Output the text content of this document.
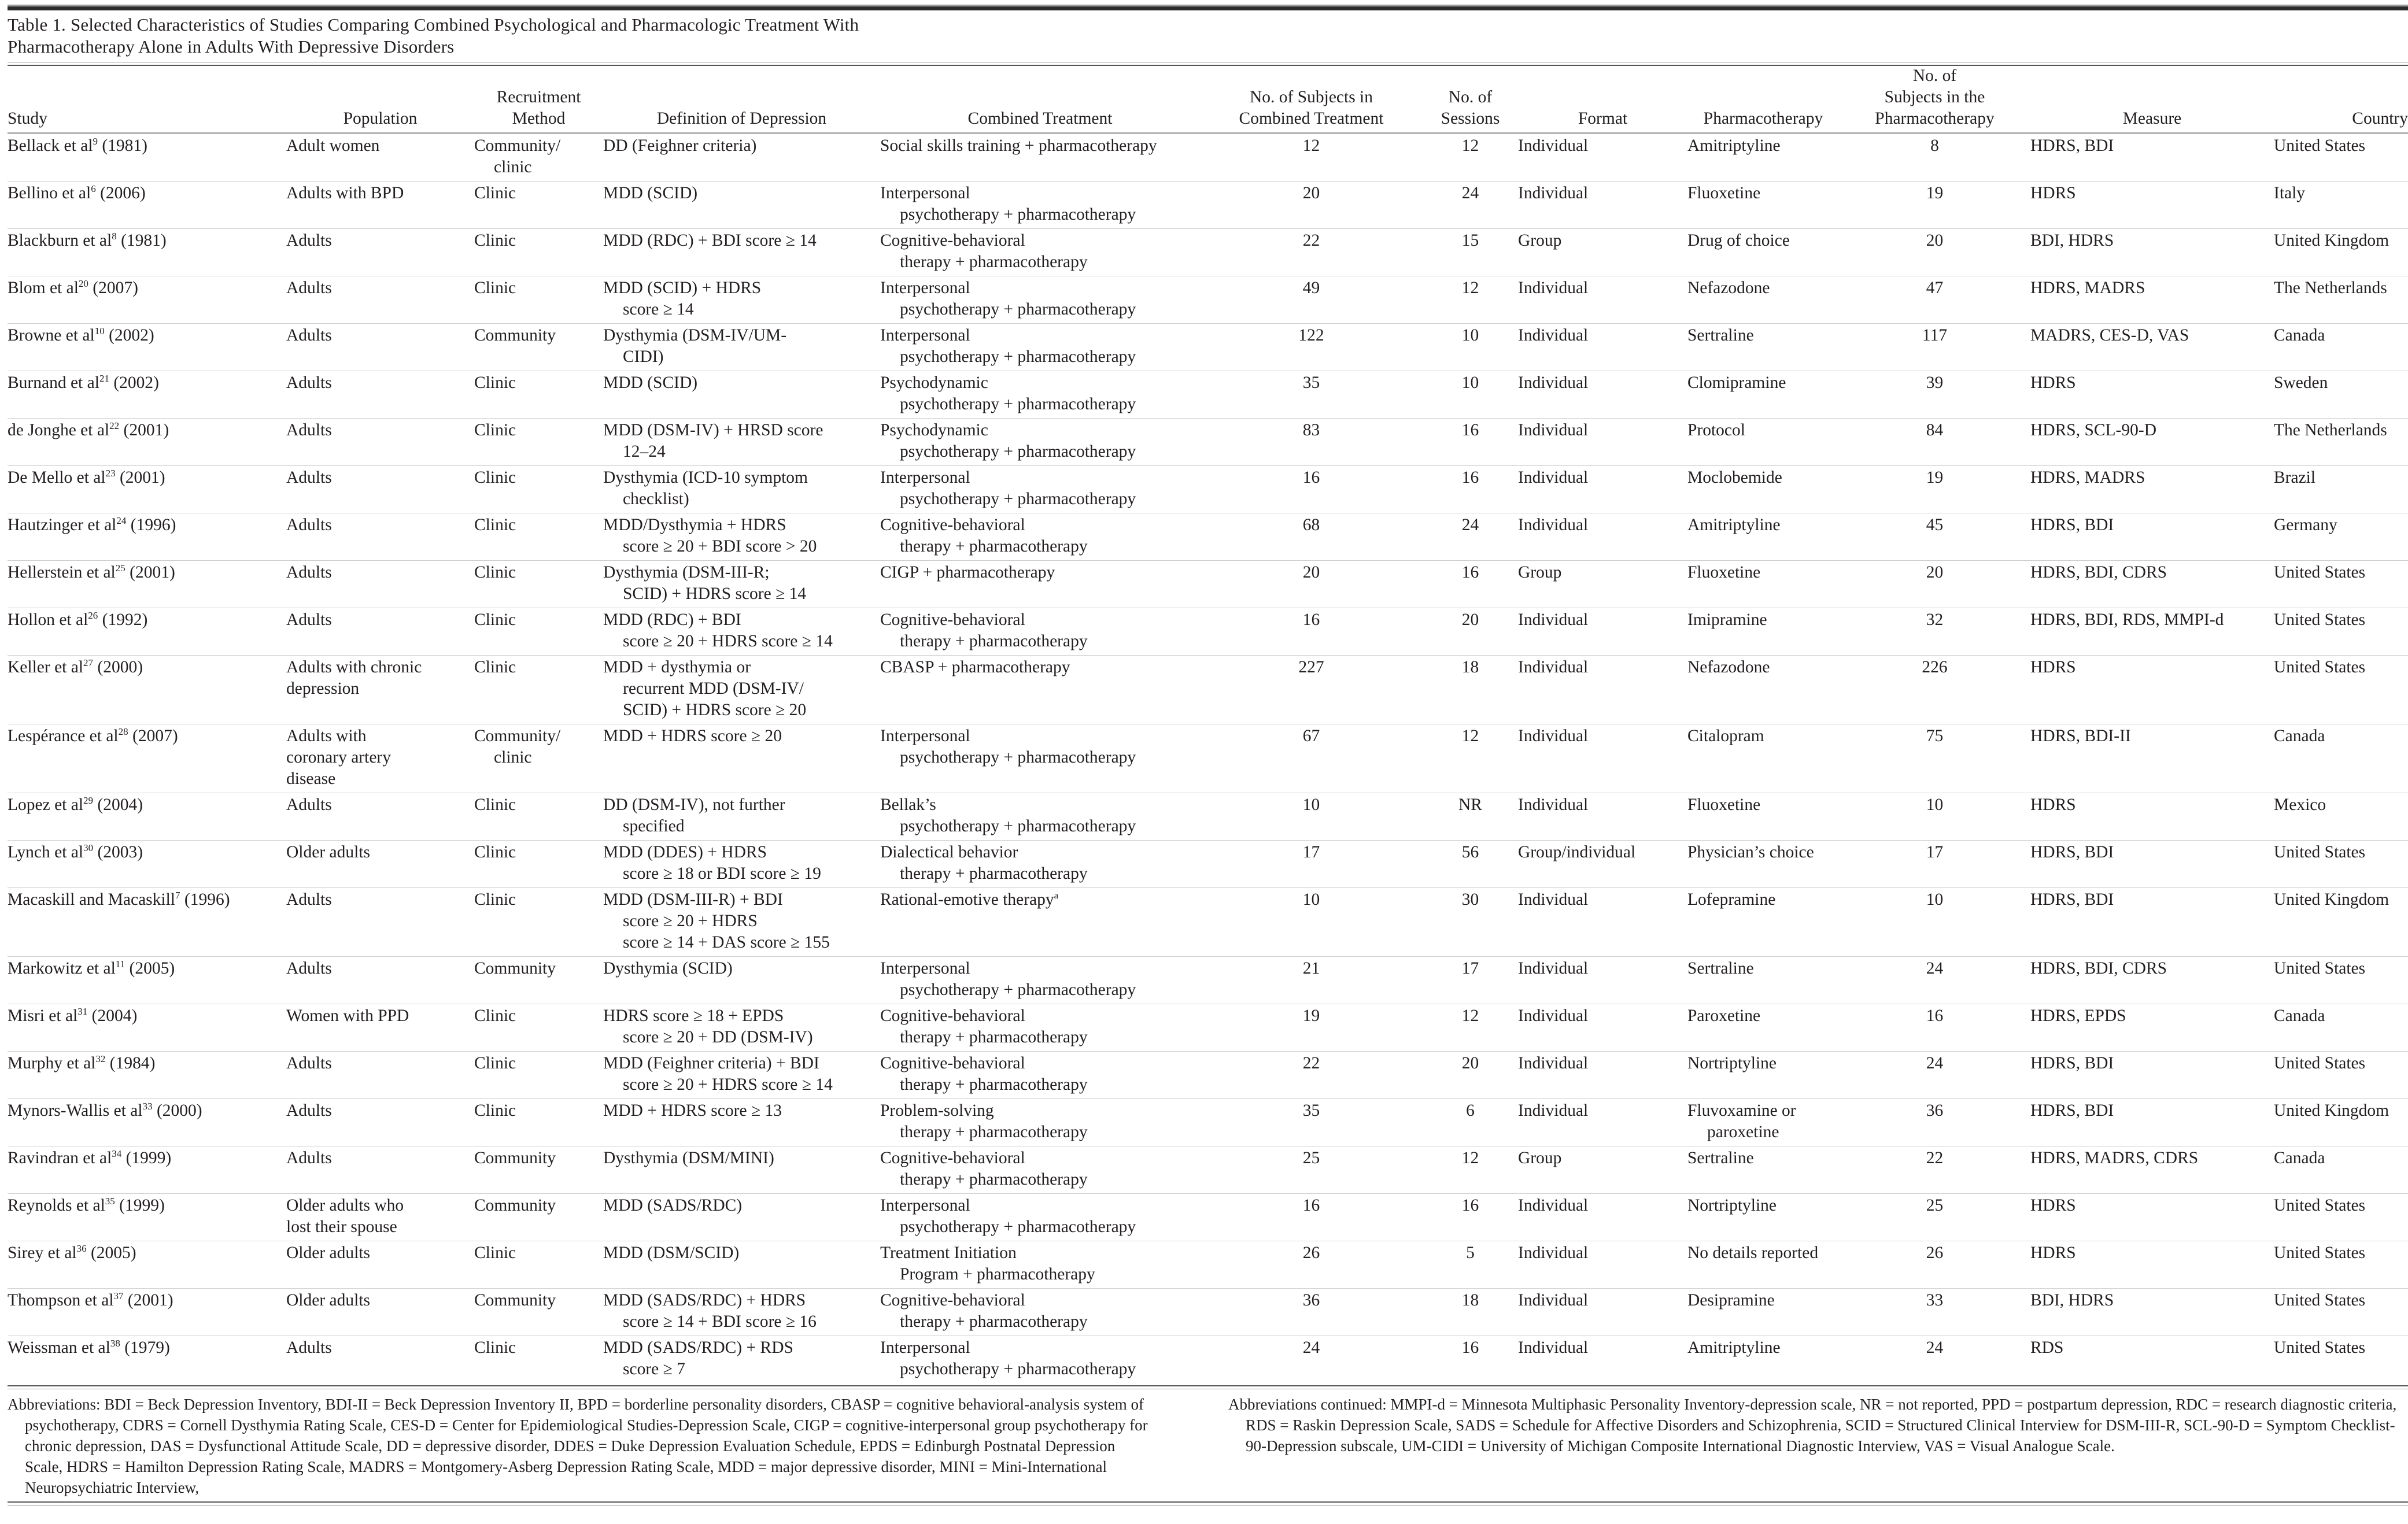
Table 1. Selected Characteristics of Studies Comparing Combined Psychological and Pharmacologic Treatment With
Pharmacotherapy Alone in Adults With Depressive Disorders
Study	Population	Recruitment
Method	Definition of Depression	Combined Treatment	No. of Subjects in
Combined Treatment	No. of
Sessions	Format	Pharmacotherapy	No. of
Subjects in the
Pharmacotherapy	Measure	Country
Bellack et $al^9$ (1981)	Adult women	Community/
clinic	DD (Feighner criteria)	Social skills training + pharmacotherapy	12	12	Individual	Amitriptyline	8	HDRS, BDI	United States
Bellino et $al^6$ (2006)	Adults with BPD	Clinic	MDD (SCID)	Interpersonal
psychotherapy + pharmacotherapy	20	24	Individual	Fluoxetine	19	HDRS	Italy
Blackburn et $al^8$ (1981)	Adults	Clinic	MDD (RDC) + BDI score ≥ 14	Cognitive-behavioral
therapy + pharmacotherapy	22	15	Group	Drug of choice	20	BDI, HDRS	United Kingdom
Blom et $al^{20}$ (2007)	Adults	Clinic	MDD (SCID) + HDRS
score ≥ 14	Interpersonal
psychotherapy + pharmacotherapy	49	12	Individual	Nefazodone	47	HDRS, MADRS	The Netherlands
Browne et $al^{10}$ (2002)	Adults	Community	Dysthymia (DSM-IV/UM-
CIDI)	Interpersonal
psychotherapy + pharmacotherapy	122	10	Individual	Sertraline	117	MADRS, CES-D, VAS	Canada
Burnand et $al^{21}$ (2002)	Adults	Clinic	MDD (SCID)	Psychodynamic
psychotherapy + pharmacotherapy	35	10	Individual	Clomipramine	39	HDRS	Sweden
de Jonghe et $al^{22}$ (2001)	Adults	Clinic	MDD (DSM-IV) + HRSD score
12–24	Psychodynamic
psychotherapy + pharmacotherapy	83	16	Individual	Protocol	84	HDRS, SCL-90-D	The Netherlands
De Mello et $al^{23}$ (2001)	Adults	Clinic	Dysthymia (ICD-10 symptom
checklist)	Interpersonal
psychotherapy + pharmacotherapy	16	16	Individual	Moclobemide	19	HDRS, MADRS	Brazil
Hautzinger et $al^{24}$ (1996)	Adults	Clinic	MDD/Dysthymia + HDRS
score ≥ 20 + BDI score > 20	Cognitive-behavioral
therapy + pharmacotherapy	68	24	Individual	Amitriptyline	45	HDRS, BDI	Germany
Hellerstein et $al^{25}$ (2001)	Adults	Clinic	Dysthymia (DSM-III-R;
SCID) + HDRS score ≥ 14	CIGP + pharmacotherapy	20	16	Group	Fluoxetine	20	HDRS, BDI, CDRS	United States
Hollon et $al^{26}$ (1992)	Adults	Clinic	MDD (RDC) + BDI
score ≥ 20 + HDRS score ≥ 14	Cognitive-behavioral
therapy + pharmacotherapy	16	20	Individual	Imipramine	32	HDRS, BDI, RDS, MMPI-d	United States
Keller et $al^{27}$ (2000)	Adults with chronic
depression	Clinic	MDD + dysthymia or
recurrent MDD (DSM-IV/
SCID) + HDRS score ≥ 20	CBASP + pharmacotherapy	227	18	Individual	Nefazodone	226	HDRS	United States
Lespérance et $al^{28}$ (2007)	Adults with
coronary artery
disease	Community/
clinic	MDD + HDRS score ≥ 20	Interpersonal
psychotherapy + pharmacotherapy	67	12	Individual	Citalopram	75	HDRS, BDI-II	Canada
Lopez et $al^{29}$ (2004)	Adults	Clinic	DD (DSM-IV), not further
specified	Bellak’s
psychotherapy + pharmacotherapy	10	NR	Individual	Fluoxetine	10	HDRS	Mexico
Lynch et $al^{30}$ (2003)	Older adults	Clinic	MDD (DDES) + HDRS
score ≥ 18 or BDI score ≥ 19	Dialectical behavior
therapy + pharmacotherapy	17	56	Group/individual	Physician’s choice	17	HDRS, BDI	United States
Macaskill and Macaskill$^7$ (1996)	Adults	Clinic	MDD (DSM-III-R) + BDI
score ≥ 20 + HDRS
score ≥ 14 + DAS score ≥ 155	Rational-emotive therapy$^a$	10	30	Individual	Lofepramine	10	HDRS, BDI	United Kingdom
Markowitz et $al^{11}$ (2005)	Adults	Community	Dysthymia (SCID)	Interpersonal
psychotherapy + pharmacotherapy	21	17	Individual	Sertraline	24	HDRS, BDI, CDRS	United States
Misri et $al^{31}$ (2004)	Women with PPD	Clinic	HDRS score ≥ 18 + EPDS
score ≥ 20 + DD (DSM-IV)	Cognitive-behavioral
therapy + pharmacotherapy	19	12	Individual	Paroxetine	16	HDRS, EPDS	Canada
Murphy et $al^{32}$ (1984)	Adults	Clinic	MDD (Feighner criteria) + BDI
score ≥ 20 + HDRS score ≥ 14	Cognitive-behavioral
therapy + pharmacotherapy	22	20	Individual	Nortriptyline	24	HDRS, BDI	United States
Mynors-Wallis et $al^{33}$ (2000)	Adults	Clinic	MDD + HDRS score ≥ 13	Problem-solving
therapy + pharmacotherapy	35	6	Individual	Fluvoxamine or
paroxetine	36	HDRS, BDI	United Kingdom
Ravindran et $al^{34}$ (1999)	Adults	Community	Dysthymia (DSM/MINI)	Cognitive-behavioral
therapy + pharmacotherapy	25	12	Group	Sertraline	22	HDRS, MADRS, CDRS	Canada
Reynolds et $al^{35}$ (1999)	Older adults who
lost their spouse	Community	MDD (SADS/RDC)	Interpersonal
psychotherapy + pharmacotherapy	16	16	Individual	Nortriptyline	25	HDRS	United States
Sirey et $al^{36}$ (2005)	Older adults	Clinic	MDD (DSM/SCID)	Treatment Initiation
Program + pharmacotherapy	26	5	Individual	No details reported	26	HDRS	United States
Thompson et $al^{37}$ (2001)	Older adults	Community	MDD (SADS/RDC) + HDRS
score ≥ 14 + BDI score ≥ 16	Cognitive-behavioral
therapy + pharmacotherapy	36	18	Individual	Desipramine	33	BDI, HDRS	United States
Weissman et $al^{38}$ (1979)	Adults	Clinic	MDD (SADS/RDC) + RDS
score ≥ 7	Interpersonal
psychotherapy + pharmacotherapy	24	16	Individual	Amitriptyline	24	RDS	United States
Abbreviations: BDI = Beck Depression Inventory, BDI-II = Beck Depression Inventory II, BPD = borderline personality disorders, CBASP = cognitive behavioral-analysis system of psychotherapy, CDRS = Cornell Dysthymia Rating Scale, CES-D = Center for Epidemiological Studies-Depression Scale, CIGP = cognitive-interpersonal group psychotherapy for chronic depression, DAS = Dysfunctional Attitude Scale, DD = depressive disorder, DDES = Duke Depression Evaluation Schedule, EPDS = Edinburgh Postnatal Depression Scale, HDRS = Hamilton Depression Rating Scale, MADRS = Montgomery-Asberg Depression Rating Scale, MDD = major depressive disorder, MINI = Mini-International Neuropsychiatric Interview,
Abbreviations continued: MMPI-d = Minnesota Multiphasic Personality Inventory-depression scale, NR = not reported, PPD = postpartum depression, RDC = research diagnostic criteria, RDS = Raskin Depression Scale, SADS = Schedule for Affective Disorders and Schizophrenia, SCID = Structured Clinical Interview for DSM-III-R, SCL-90-D = Symptom Checklist-90-Depression subscale, UM-CIDI = University of Michigan Composite International Diagnostic Interview, VAS = Visual Analogue Scale.
